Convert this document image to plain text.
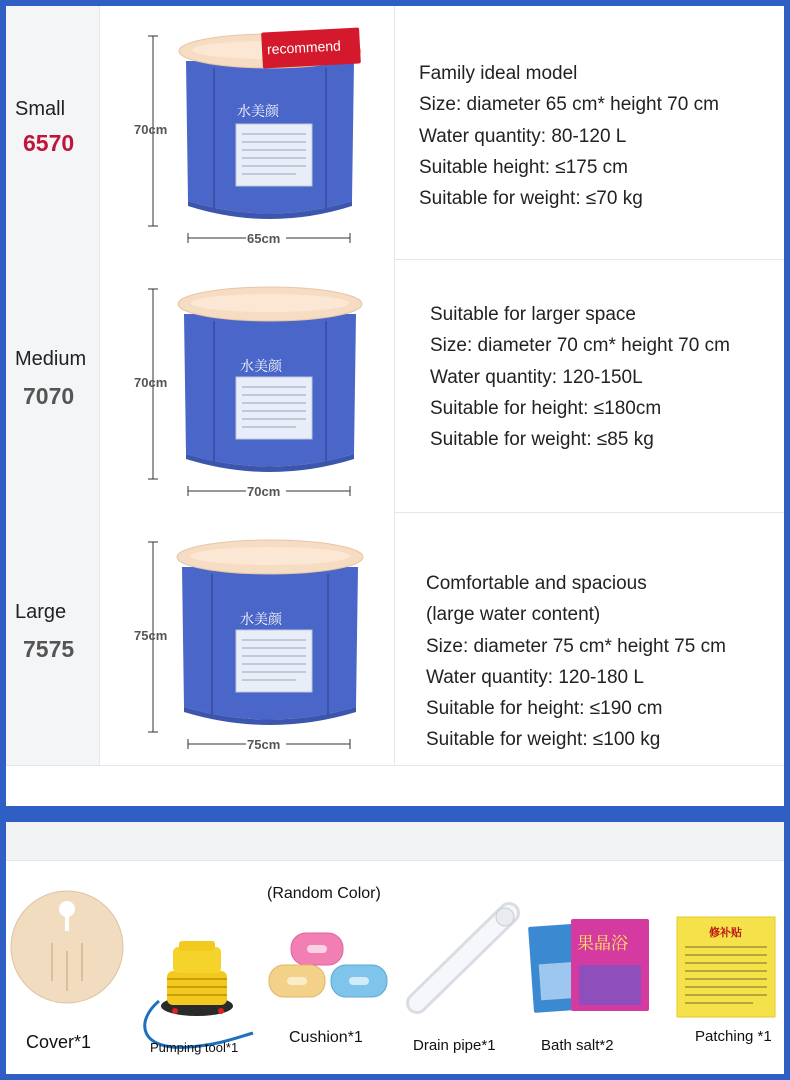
Small
6570
水美颜
70cm
65cm
recommend
Family ideal model
Size: diameter 65 cm* height 70 cm
Water quantity: 80-120 L
Suitable height: ≤175 cm
Suitable for weight: ≤70 kg
Medium
7070
水美颜
70cm
70cm
Suitable for larger space
Size: diameter 70 cm* height 70 cm
Water quantity: 120-150L
Suitable for height: ≤180cm
Suitable for weight: ≤85 kg
Large
7575
水美颜
75cm
75cm
Comfortable and spacious
(large water content)
Size: diameter 75 cm* height 75 cm
Water quantity: 120-180 L
Suitable for height: ≤190 cm
Suitable for weight: ≤100 kg
Cover*1	Pumping tool*1
(Random Color)
Cushion*1	Drain pipe*1
果晶浴
Bath salt*2
修补贴
Patching *1
